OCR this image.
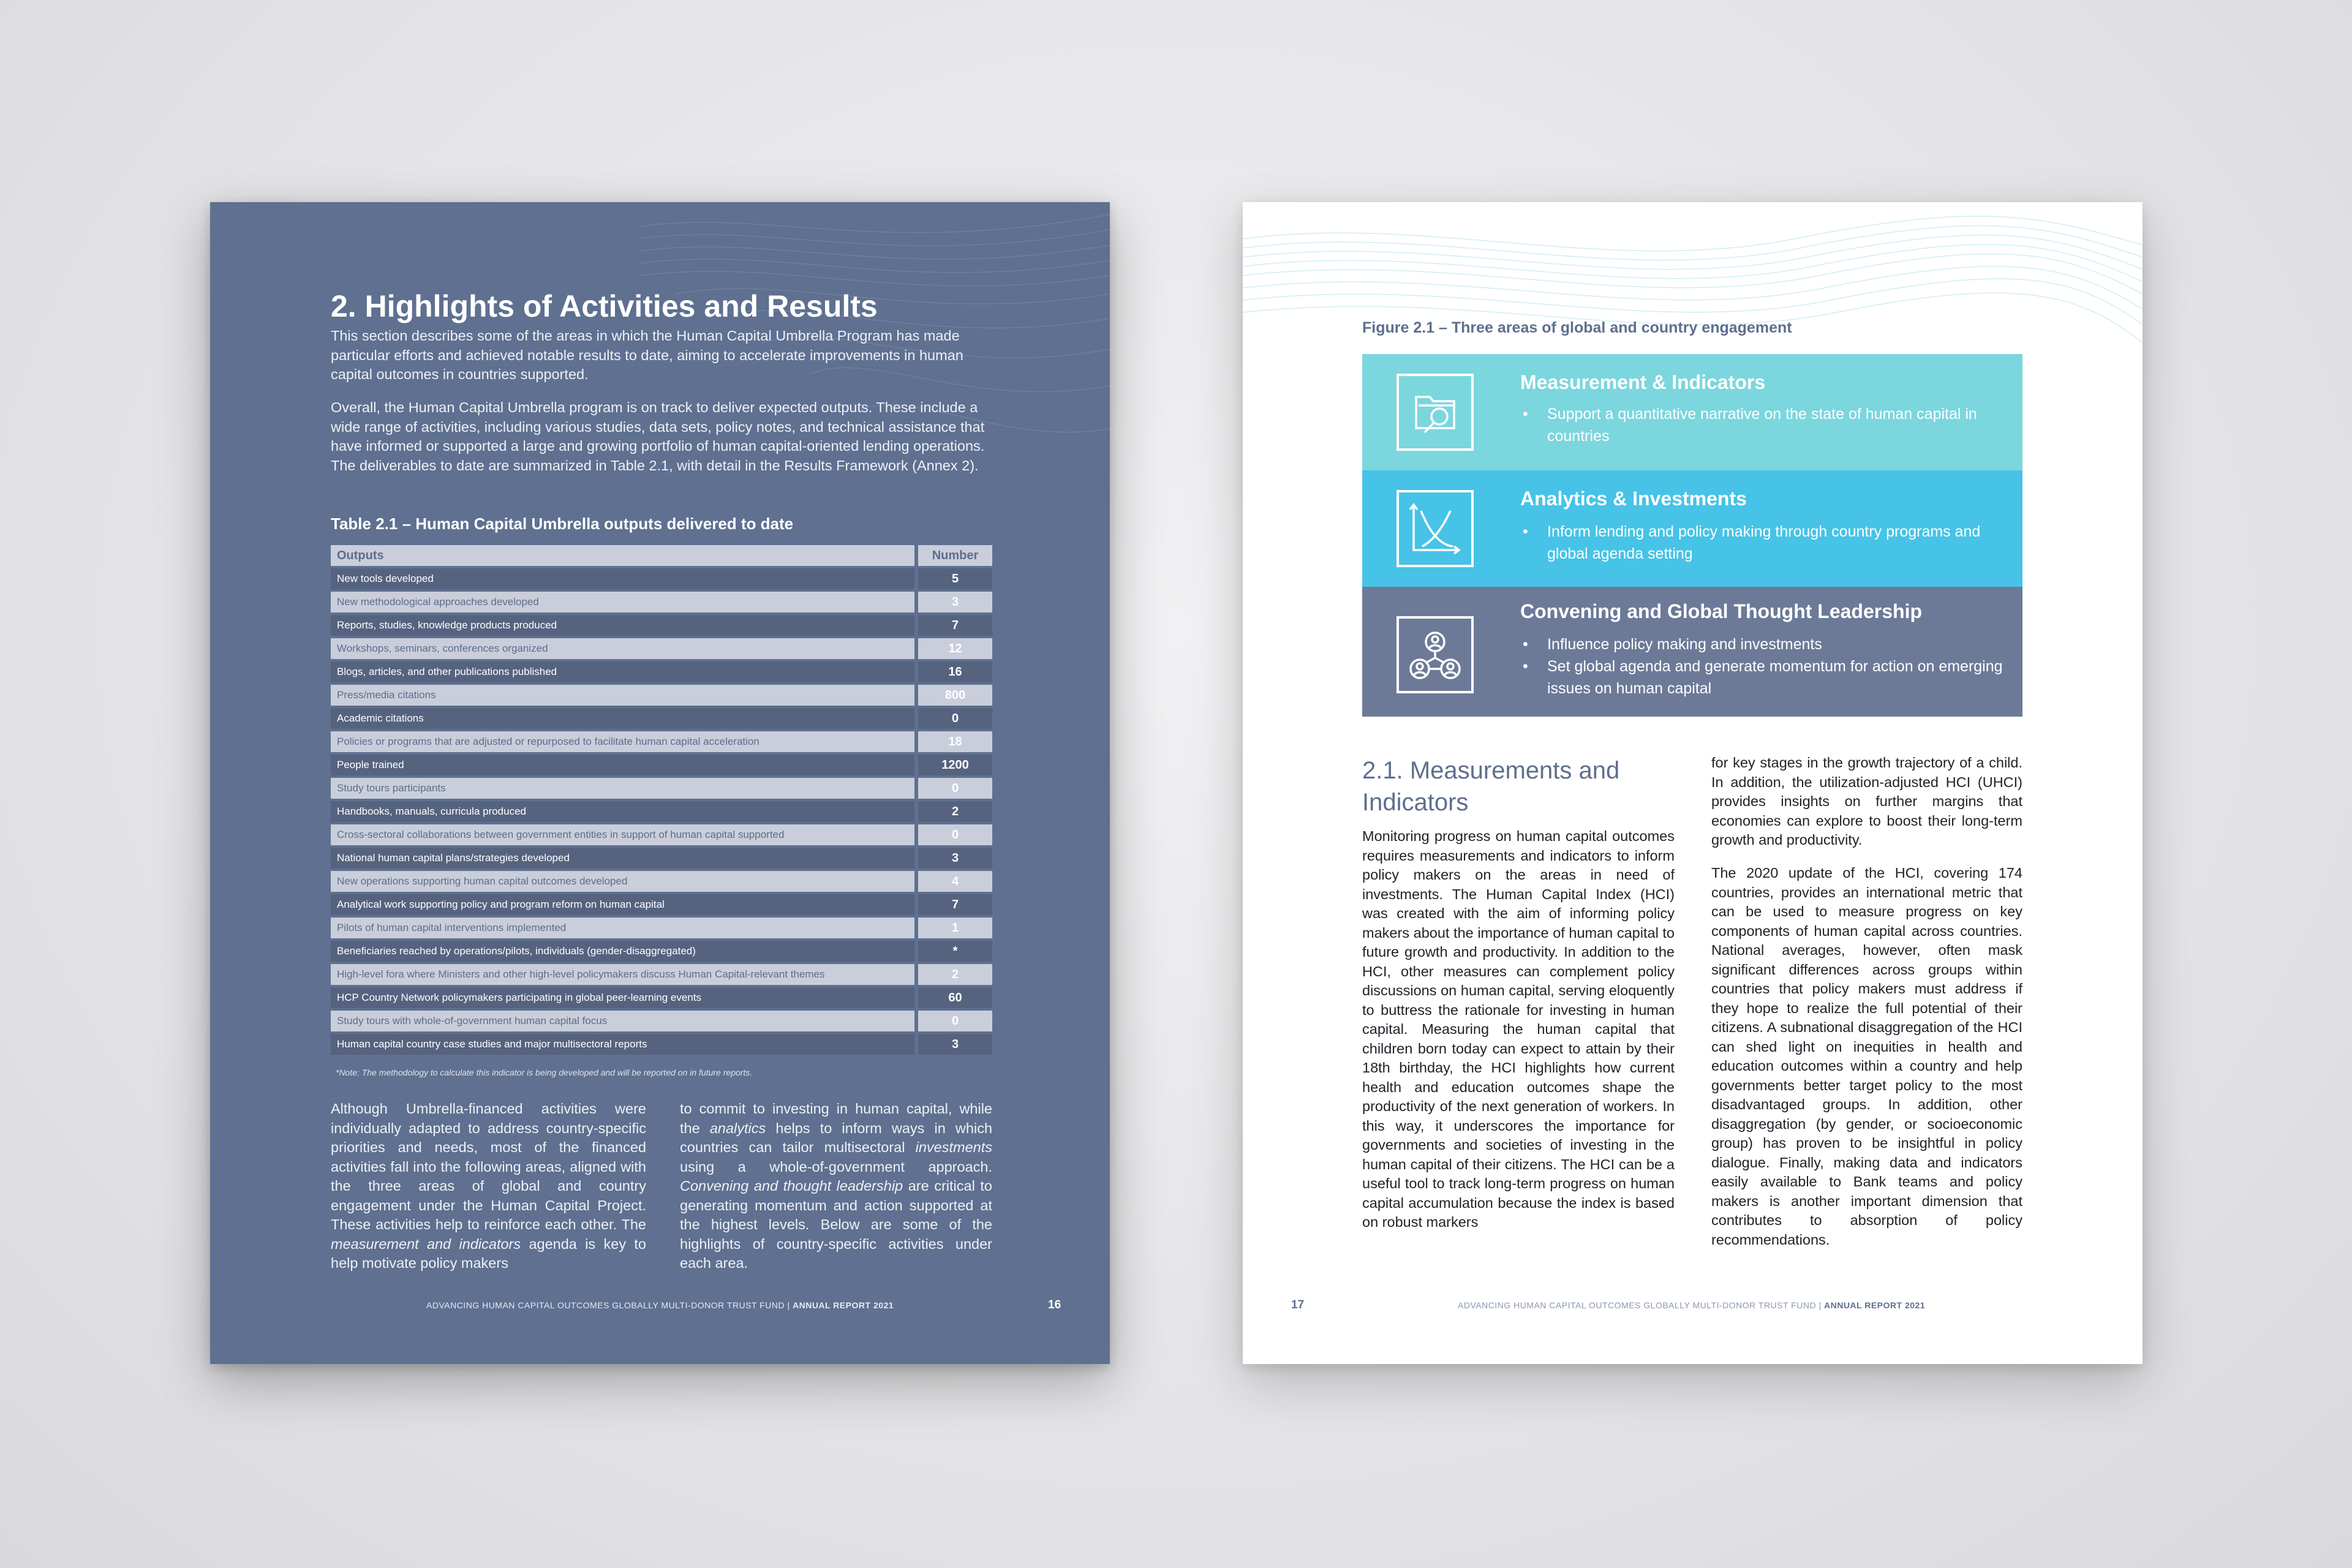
2. Highlights of Activities and Results

This section describes some of the areas in which the Human Capital Umbrella Program has made particular efforts and achieved notable results to date, aiming to accelerate improvements in human capital outcomes in countries supported.

Overall, the Human Capital Umbrella program is on track to deliver expected outputs. These include a wide range of activities, including various studies, data sets, policy notes, and technical assistance that have informed or supported a large and growing portfolio of human capital-oriented lending operations. The deliverables to date are summarized in Table 2.1, with detail in the Results Framework (Annex 2).

Table 2.1 – Human Capital Umbrella outputs delivered to date
Outputs	Number
New tools developed	5
New methodological approaches developed	3
Reports, studies, knowledge products produced	7
Workshops, seminars, conferences organized	12
Blogs, articles, and other publications published	16
Press/media citations	800
Academic citations	0
Policies or programs that are adjusted or repurposed to facilitate human capital acceleration	18
People trained	1200
Study tours participants	0
Handbooks, manuals, curricula produced	2
Cross-sectoral collaborations between government entities in support of human capital supported	0
National human capital plans/strategies developed	3
New operations supporting human capital outcomes developed	4
Analytical work supporting policy and program reform on human capital	7
Pilots of human capital interventions implemented	1
Beneficiaries reached by operations/pilots, individuals (gender-disaggregated)	*
High-level fora where Ministers and other high-level policymakers discuss Human Capital-relevant themes	2
HCP Country Network policymakers participating in global peer-learning events	60
Study tours with whole-of-government human capital focus	0
Human capital country case studies and major multisectoral reports	3
*Note: The methodology to calculate this indicator is being developed and will be reported on in future reports.

Although Umbrella-financed activities were individually adapted to address country-specific priorities and needs, most of the financed activities fall into the following areas, aligned with the three areas of global and country engagement under the Human Capital Project. These activities help to reinforce each other. The measurement and indicators agenda is key to help motivate policy makers

to commit to investing in human capital, while the analytics helps to inform ways in which countries can tailor multisectoral investments using a whole-of-government approach. Convening and thought leadership are critical to generating momentum and action supported at the highest levels. Below are some of the highlights of country-specific activities under each area.

ADVANCING HUMAN CAPITAL OUTCOMES GLOBALLY MULTI-DONOR TRUST FUND | ANNUAL REPORT 2021	16
Figure 2.1 – Three areas of global and country engagement
Measurement & Indicators
• Support a quantitative narrative on the state of human capital in countries
Analytics & Investments
• Inform lending and policy making through country programs and global agenda setting
Convening and Global Thought Leadership
• Influence policy making and investments
• Set global agenda and generate momentum for action on emerging issues on human capital
2.1. Measurements and Indicators

Monitoring progress on human capital outcomes requires measurements and indicators to inform policy makers on the areas in need of investments. The Human Capital Index (HCI) was created with the aim of informing policy makers about the importance of human capital to future growth and productivity. In addition to the HCI, other measures can complement policy discussions on human capital, serving eloquently to buttress the rationale for investing in human capital. Measuring the human capital that children born today can expect to attain by their 18th birthday, the HCI highlights how current health and education outcomes shape the productivity of the next generation of workers. In this way, it underscores the importance for governments and societies of investing in the human capital of their citizens. The HCI can be a useful tool to track long-term progress on human capital accumulation because the index is based on robust markers

for key stages in the growth trajectory of a child. In addition, the utilization-adjusted HCI (UHCI) provides insights on further margins that economies can explore to boost their long-term growth and productivity.

The 2020 update of the HCI, covering 174 countries, provides an international metric that can be used to measure progress on key components of human capital across countries. National averages, however, often mask significant differences across groups within countries that policy makers must address if they hope to realize the full potential of their citizens. A subnational disaggregation of the HCI can shed light on inequities in health and education outcomes within a country and help governments better target policy to the most disadvantaged groups. In addition, other disaggregation (by gender, or socioeconomic group) has proven to be insightful in policy dialogue. Finally, making data and indicators easily available to Bank teams and policy makers is another important dimension that contributes to absorption of policy recommendations.

17	ADVANCING HUMAN CAPITAL OUTCOMES GLOBALLY MULTI-DONOR TRUST FUND | ANNUAL REPORT 2021
